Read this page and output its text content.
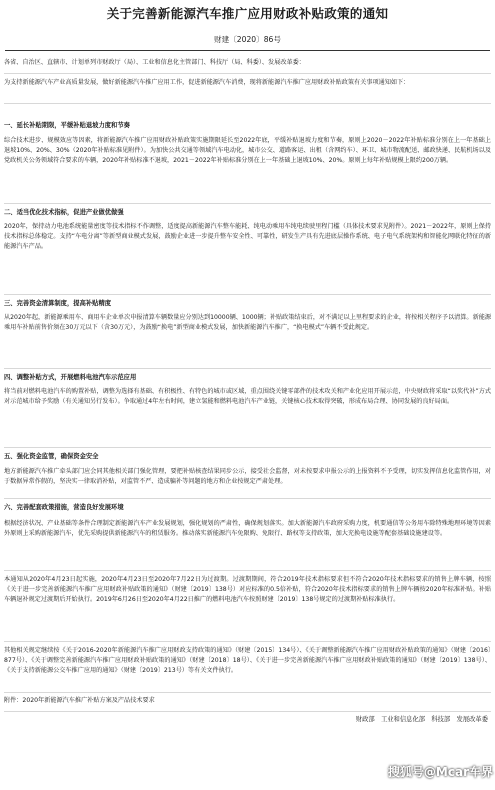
关于完善新能源汽车推广应用财政补贴政策的通知
财建〔2020〕86号

各省、自治区、直辖市、计划单列市财政厅（局）、工业和信息化主管部门、科技厅（局、科委）、发展改革委：

为支持新能源汽车产业高质量发展，做好新能源汽车推广应用工作，促进新能源汽车消费，现将新能源汽车推广应用财政补贴政策有关事项通知如下：

一、延长补贴期限，平缓补贴退坡力度和节奏

综合技术进步、规模效应等因素，将新能源汽车推广应用财政补贴政策实施期限延长至2022年底，平缓补贴退坡力度和节奏，原则上2020－2022年补贴标准分别在上一年基础上退坡10%、20%、30%（2020年补贴标准见附件）。为加快公共交通等领域汽车电动化，城市公交、道路客运、出租（含网约车）、环卫、城市物流配送、邮政快递、民航机场以及党政机关公务领域符合要求的车辆，2020年补贴标准不退坡，2021－2022年补贴标准分别在上一年基础上退坡10%、20%。原则上每年补贴规模上限约200万辆。

二、适当优化技术指标，促进产业做优做强

2020年，保持动力电池系统能量密度等技术指标不作调整，适度提高新能源汽车整车能耗、纯电动乘用车纯电续驶里程门槛（具体技术要求见附件）。2021－2022年，原则上保持技术指标总体稳定。支持“车电分离”等新型商业模式发展，鼓励企业进一步提升整车安全性、可靠性，研发生产具有先进底层操作系统、电子电气系统架构和智能化网联化特征的新能源汽车产品。

三、完善资金清算制度，提高补贴精度

从2020年起，新能源乘用车、商用车企业单次申报清算车辆数量应分别达到10000辆、1000辆；补贴政策结束后，对不满足以上里程要求的企业，将按相关程序予以清算。新能源乘用车补贴前售价须在30万元以下（含30万元），为鼓励“换电”新型商业模式发展，加快新能源汽车推广，“换电模式”车辆不受此规定。

四、调整补贴方式，开展燃料电池汽车示范应用

将当前对燃料电池汽车的购置补贴，调整为选择有基础、有积极性、有特色的城市或区域，重点围绕关键零部件的技术攻关和产业化应用开展示范，中央财政将采取“以奖代补”方式对示范城市给予奖励（有关通知另行发布）。争取通过4年左右时间，建立氢能和燃料电池汽车产业链，关键核心技术取得突破，形成布局合理、协同发展的良好局面。

五、强化资金监管，确保资金安全

地方新能源汽车推广牵头部门应会同其他相关部门强化管理，要把补贴核查结果同步公示，接受社会监督，对未按要求申报公示的上报资料不予受理，切实发挥信息化监管作用，对于数据异常作假的，坚决实一律取消补贴，对监管不严、造成骗补等问题的地方和企业按规定严肃处理。

六、完善配套政策措施，营造良好发展环境

根据经济状况、产业基础等条件合理制定新能源汽车产业发展规划，强化规划的严肃性，确保规划落实。加大新能源汽车政府采购力度，机要通信等公务用车除特殊地理环境等因素外原则上采购新能源汽车，优先采购提供新能源汽车的租赁服务。推动落实新能源汽车免限购、免限行、路权等支持政策，加大充换电设施等配套基础设施建设等。

本通知从2020年4月23日起实施，2020年4月23日至2020年7月22日为过渡期。过渡期期间，符合2019年技术指标要求但不符合2020年技术指标要求的销售上牌车辆，按照《关于进一步完善新能源汽车推广应用财政补贴政策的通知》（财建〔2019〕138号）对应标准的0.5倍补贴，符合2020年技术指标要求的销售上牌车辆按2020年标准补贴。补贴车辆退补规定过渡期后开始执行。2019年6月26日至2020年4月22日推广的燃料电池汽车按照财建〔2019〕138号规定的过渡期补贴标准执行。

其他相关规定继续按《关于2016-2020年新能源汽车推广应用财政支持政策的通知》（财建〔2015〕134号）、《关于调整新能源汽车推广应用财政补贴政策的通知》（财建〔2016〕877号）、《关于调整完善新能源汽车推广应用财政补贴政策的通知》（财建〔2018〕18号）、《关于进一步完善新能源汽车推广应用财政补贴政策的通知》（财建〔2019〕138号）、《关于支持新能源公交车推广应用的通知》（财建〔2019〕213号）等有关文件执行。

附件：2020年新能源汽车推广补贴方案及产品技术要求

财政部　工业和信息化部　科技部　发展改革委
搜狐号@Mcar车界
